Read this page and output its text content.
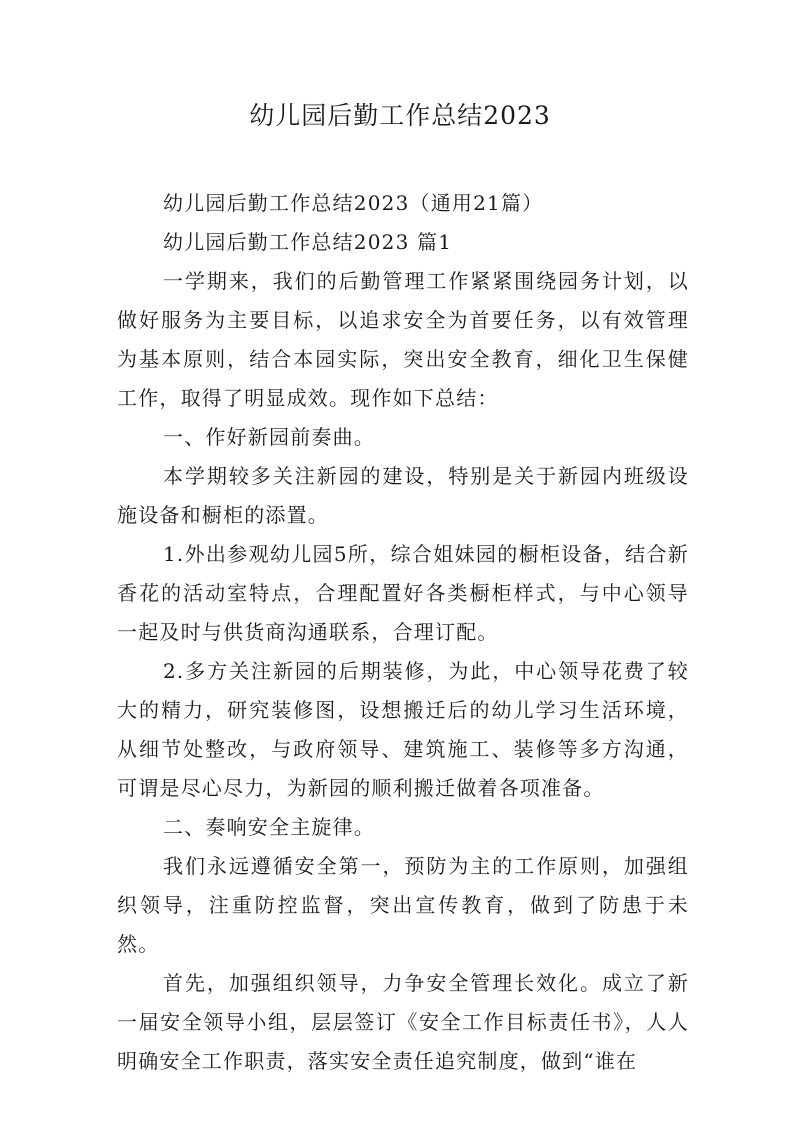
幼儿园后勤工作总结2023

幼儿园后勤工作总结2023（通用21篇）

幼儿园后勤工作总结2023 篇1

一学期来，我们的后勤管理工作紧紧围绕园务计划，以做好服务为主要目标，以追求安全为首要任务，以有效管理为基本原则，结合本园实际，突出安全教育，细化卫生保健工作，取得了明显成效。现作如下总结：

一、作好新园前奏曲。

本学期较多关注新园的建设，特别是关于新园内班级设施设备和橱柜的添置。

1.外出参观幼儿园5所，综合姐妹园的橱柜设备，结合新香花的活动室特点，合理配置好各类橱柜样式，与中心领导一起及时与供货商沟通联系，合理订配。

2.多方关注新园的后期装修，为此，中心领导花费了较大的精力，研究装修图，设想搬迁后的幼儿学习生活环境，从细节处整改，与政府领导、建筑施工、装修等多方沟通，可谓是尽心尽力，为新园的顺利搬迁做着各项准备。

二、奏响安全主旋律。

我们永远遵循安全第一，预防为主的工作原则，加强组织领导，注重防控监督，突出宣传教育，做到了防患于未然。

首先，加强组织领导，力争安全管理长效化。成立了新一届安全领导小组，层层签订《安全工作目标责任书》，人人明确安全工作职责，落实安全责任追究制度，做到“谁在
